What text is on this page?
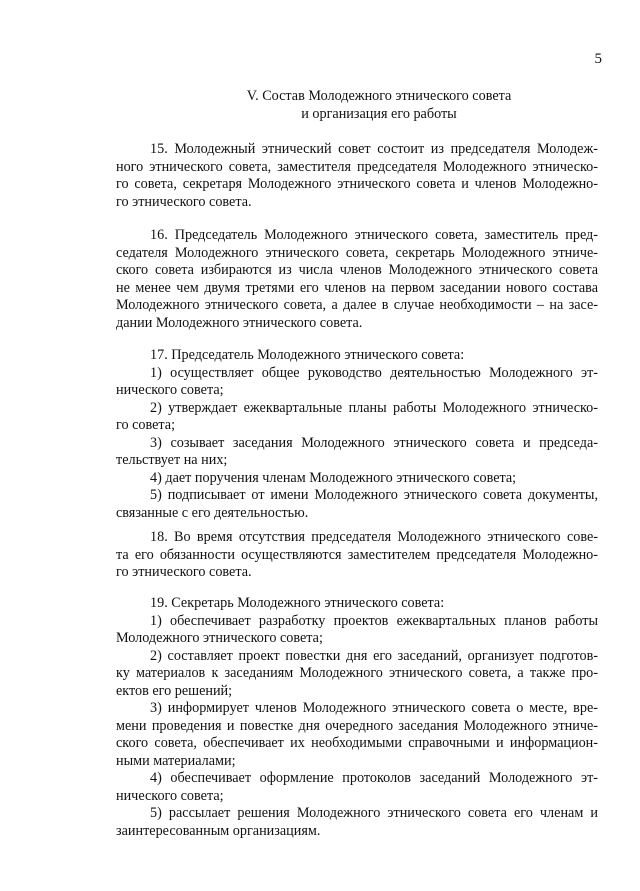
5
V. Состав Молодежного этнического совета
и организация его работы
15. Молодежный этнический совет состоит из председателя Молодеж-
ного этнического совета, заместителя председателя Молодежного этническо-
го совета, секретаря Молодежного этнического совета и членов Молодежно-
го этнического совета.
16. Председатель Молодежного этнического совета, заместитель пред-
седателя Молодежного этнического совета, секретарь Молодежного этниче-
ского совета избираются из числа членов Молодежного этнического совета
не менее чем двумя третями его членов на первом заседании нового состава
Молодежного этнического совета, а далее в случае необходимости – на засе-
дании Молодежного этнического совета.
17. Председатель Молодежного этнического совета:
1) осуществляет общее руководство деятельностью Молодежного эт-
нического совета;
2) утверждает ежеквартальные планы работы Молодежного этническо-
го совета;
3) созывает заседания Молодежного этнического совета и председа-
тельствует на них;
4) дает поручения членам Молодежного этнического совета;
5) подписывает от имени Молодежного этнического совета документы,
связанные с его деятельностью.
18. Во время отсутствия председателя Молодежного этнического сове-
та его обязанности осуществляются заместителем председателя Молодежно-
го этнического совета.
19. Секретарь Молодежного этнического совета:
1) обеспечивает разработку проектов ежеквартальных планов работы
Молодежного этнического совета;
2) составляет проект повестки дня его заседаний, организует подготов-
ку материалов к заседаниям Молодежного этнического совета, а также про-
ектов его решений;
3) информирует членов Молодежного этнического совета о месте, вре-
мени проведения и повестке дня очередного заседания Молодежного этниче-
ского совета, обеспечивает их необходимыми справочными и информацион-
ными материалами;
4) обеспечивает оформление протоколов заседаний Молодежного эт-
нического совета;
5) рассылает решения Молодежного этнического совета его членам и
заинтересованным организациям.
